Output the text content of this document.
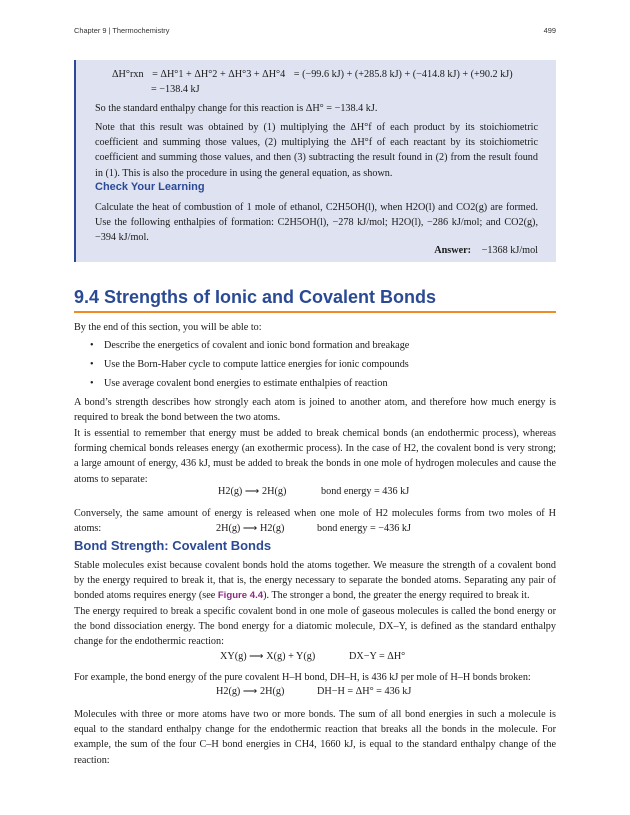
Chapter 9 | Thermochemistry	499
ΔH°rxn = ΔH°1 + ΔH°2 + ΔH°3 + ΔH°4 = (−99.6 kJ) + (+285.8 kJ) + (−414.8 kJ) + (+90.2 kJ)
= −138.4 kJ
So the standard enthalpy change for this reaction is ΔH° = −138.4 kJ.
Note that this result was obtained by (1) multiplying the ΔH°f of each product by its stoichiometric coefficient and summing those values, (2) multiplying the ΔH°f of each reactant by its stoichiometric coefficient and summing those values, and then (3) subtracting the result found in (2) from the result found in (1). This is also the procedure in using the general equation, as shown.
Check Your Learning
Calculate the heat of combustion of 1 mole of ethanol, C2H5OH(l), when H2O(l) and CO2(g) are formed. Use the following enthalpies of formation: C2H5OH(l), −278 kJ/mol; H2O(l), −286 kJ/mol; and CO2(g), −394 kJ/mol.
Answer: −1368 kJ/mol
9.4 Strengths of Ionic and Covalent Bonds
By the end of this section, you will be able to:
• Describe the energetics of covalent and ionic bond formation and breakage
• Use the Born-Haber cycle to compute lattice energies for ionic compounds
• Use average covalent bond energies to estimate enthalpies of reaction
A bond’s strength describes how strongly each atom is joined to another atom, and therefore how much energy is required to break the bond between the two atoms.
It is essential to remember that energy must be added to break chemical bonds (an endothermic process), whereas forming chemical bonds releases energy (an exothermic process). In the case of H2, the covalent bond is very strong; a large amount of energy, 436 kJ, must be added to break the bonds in one mole of hydrogen molecules and cause the atoms to separate:
H2(g) ⟶ 2H(g)	bond energy = 436 kJ
Conversely, the same amount of energy is released when one mole of H2 molecules forms from two moles of H atoms:	2H(g) ⟶ H2(g)	bond energy = −436 kJ
Bond Strength: Covalent Bonds
Stable molecules exist because covalent bonds hold the atoms together. We measure the strength of a covalent bond by the energy required to break it, that is, the energy necessary to separate the bonded atoms. Separating any pair of bonded atoms requires energy (see Figure 4.4). The stronger a bond, the greater the energy required to break it.
The energy required to break a specific covalent bond in one mole of gaseous molecules is called the bond energy or the bond dissociation energy. The bond energy for a diatomic molecule, DX–Y, is defined as the standard enthalpy change for the endothermic reaction:
XY(g) ⟶ X(g) + Y(g)	DX−Y = ΔH°
For example, the bond energy of the pure covalent H–H bond, DH–H, is 436 kJ per mole of H–H bonds broken:
H2(g) ⟶ 2H(g)	DH−H = ΔH° = 436 kJ
Molecules with three or more atoms have two or more bonds. The sum of all bond energies in such a molecule is equal to the standard enthalpy change for the endothermic reaction that breaks all the bonds in the molecule. For example, the sum of the four C–H bond energies in CH4, 1660 kJ, is equal to the standard enthalpy change of the reaction:
